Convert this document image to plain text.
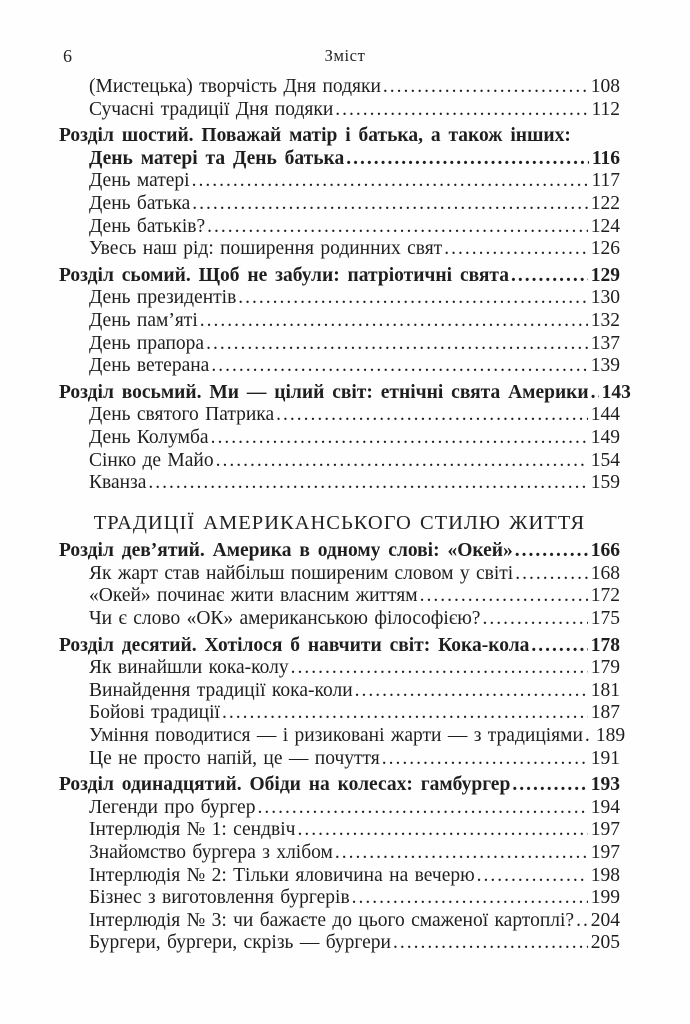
6	Зміст
(Мистецька) творчість Дня подяки .....	108
Сучасні традиції Дня подяки .....	112
Розділ шостий. Поважай матір і батька, а також інших:
День матері та День батька .....	116
День матері .....	117
День батька .....	122
День батьків? .....	124
Увесь наш рід: поширення родинних свят .....	126
Розділ сьомий. Щоб не забули: патріотичні свята .....	129
День президентів .....	130
День пам’яті .....	132
День прапора .....	137
День ветерана .....	139
Розділ восьмий. Ми — цілий світ: етнічні свята Америки ..... 143
День святого Патрика .....	144
День Колумба .....	149
Сінко де Майо .....	154
Кванза .....	159
ТРАДИЦІЇ АМЕРИКАНСЬКОГО СТИЛЮ ЖИТТЯ
Розділ дев’ятий. Америка в одному слові: «Окей» .....	166
Як жарт став найбільш поширеним словом у світі .....	168
«Окей» починає жити власним життям .....	172
Чи є слово «ОК» американською філософією? .....	175
Розділ десятий. Хотілося б навчити світ: Кока-кола .....	178
Як винайшли кока-колу .....	179
Винайдення традиції кока-коли .....	181
Бойові традиції .....	187
Уміння поводитися — і ризиковані жарти — з традиціями ..... 189
Це не просто напій, це — почуття .....	191
Розділ одинадцятий. Обіди на колесах: гамбургер .....	193
Легенди про бургер .....	194
Інтерлюдія № 1: сендвіч .....	197
Знайомство бургера з хлібом .....	197
Інтерлюдія № 2: Тільки яловичина на вечерю .....	198
Бізнес з виготовлення бургерів .....	199
Інтерлюдія № 3: чи бажаєте до цього смаженої картоплі? ..... 204
Бургери, бургери, скрізь — бургери .....	205
